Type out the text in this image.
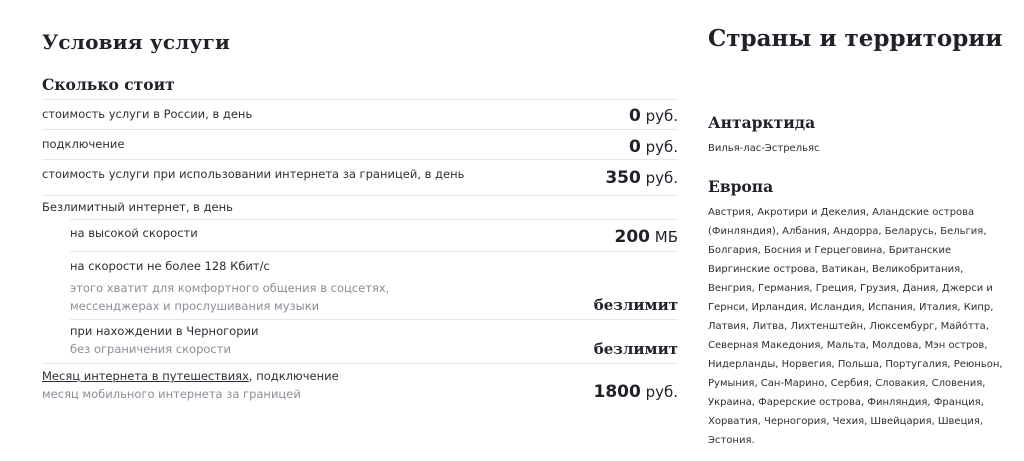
Условия услуги
Сколько стоит
стоимость услуги в России, в день	0 руб.
подключение	0 руб.
стоимость услуги при использовании интернета за границей, в день	350 руб.
Безлимитный интернет, в день
на высокой скорости	200 МБ
на скорости не более 128 Кбит/с
этого хватит для комфортного общения в соцсетях,
мессенджерах и прослушивания музыки	безлимит
при нахождении в Черногории
без ограничения скорости	безлимит
Месяц интернета в путешествиях, подключение
месяц мобильного интернета за границей	1800 руб.
Страны и территории
Антарктида

Вилья-лас-Эстрельяс

Европа

Австрия, Акротири и Декелия, Аландские острова (Финляндия), Албания, Андорра, Беларусь, Бельгия, Болгария, Босния и Герцеговина, Британские Виргинские острова, Ватикан, Великобритания, Венгрия, Германия, Греция, Грузия, Дания, Джерси и Гернси, Ирландия, Исландия, Испания, Италия, Кипр, Латвия, Литва, Лихтенштейн, Люксембург, Майо́тта, Северная Македония, Мальта, Молдова, Мэн остров, Нидерланды, Норвегия, Польша, Португалия, Реюньон, Румыния, Сан-Марино, Сербия, Словакия, Словения, Украина, Фарерские острова, Финляндия, Франция, Хорватия, Черногория, Чехия, Швейцария, Швеция, Эстония.
